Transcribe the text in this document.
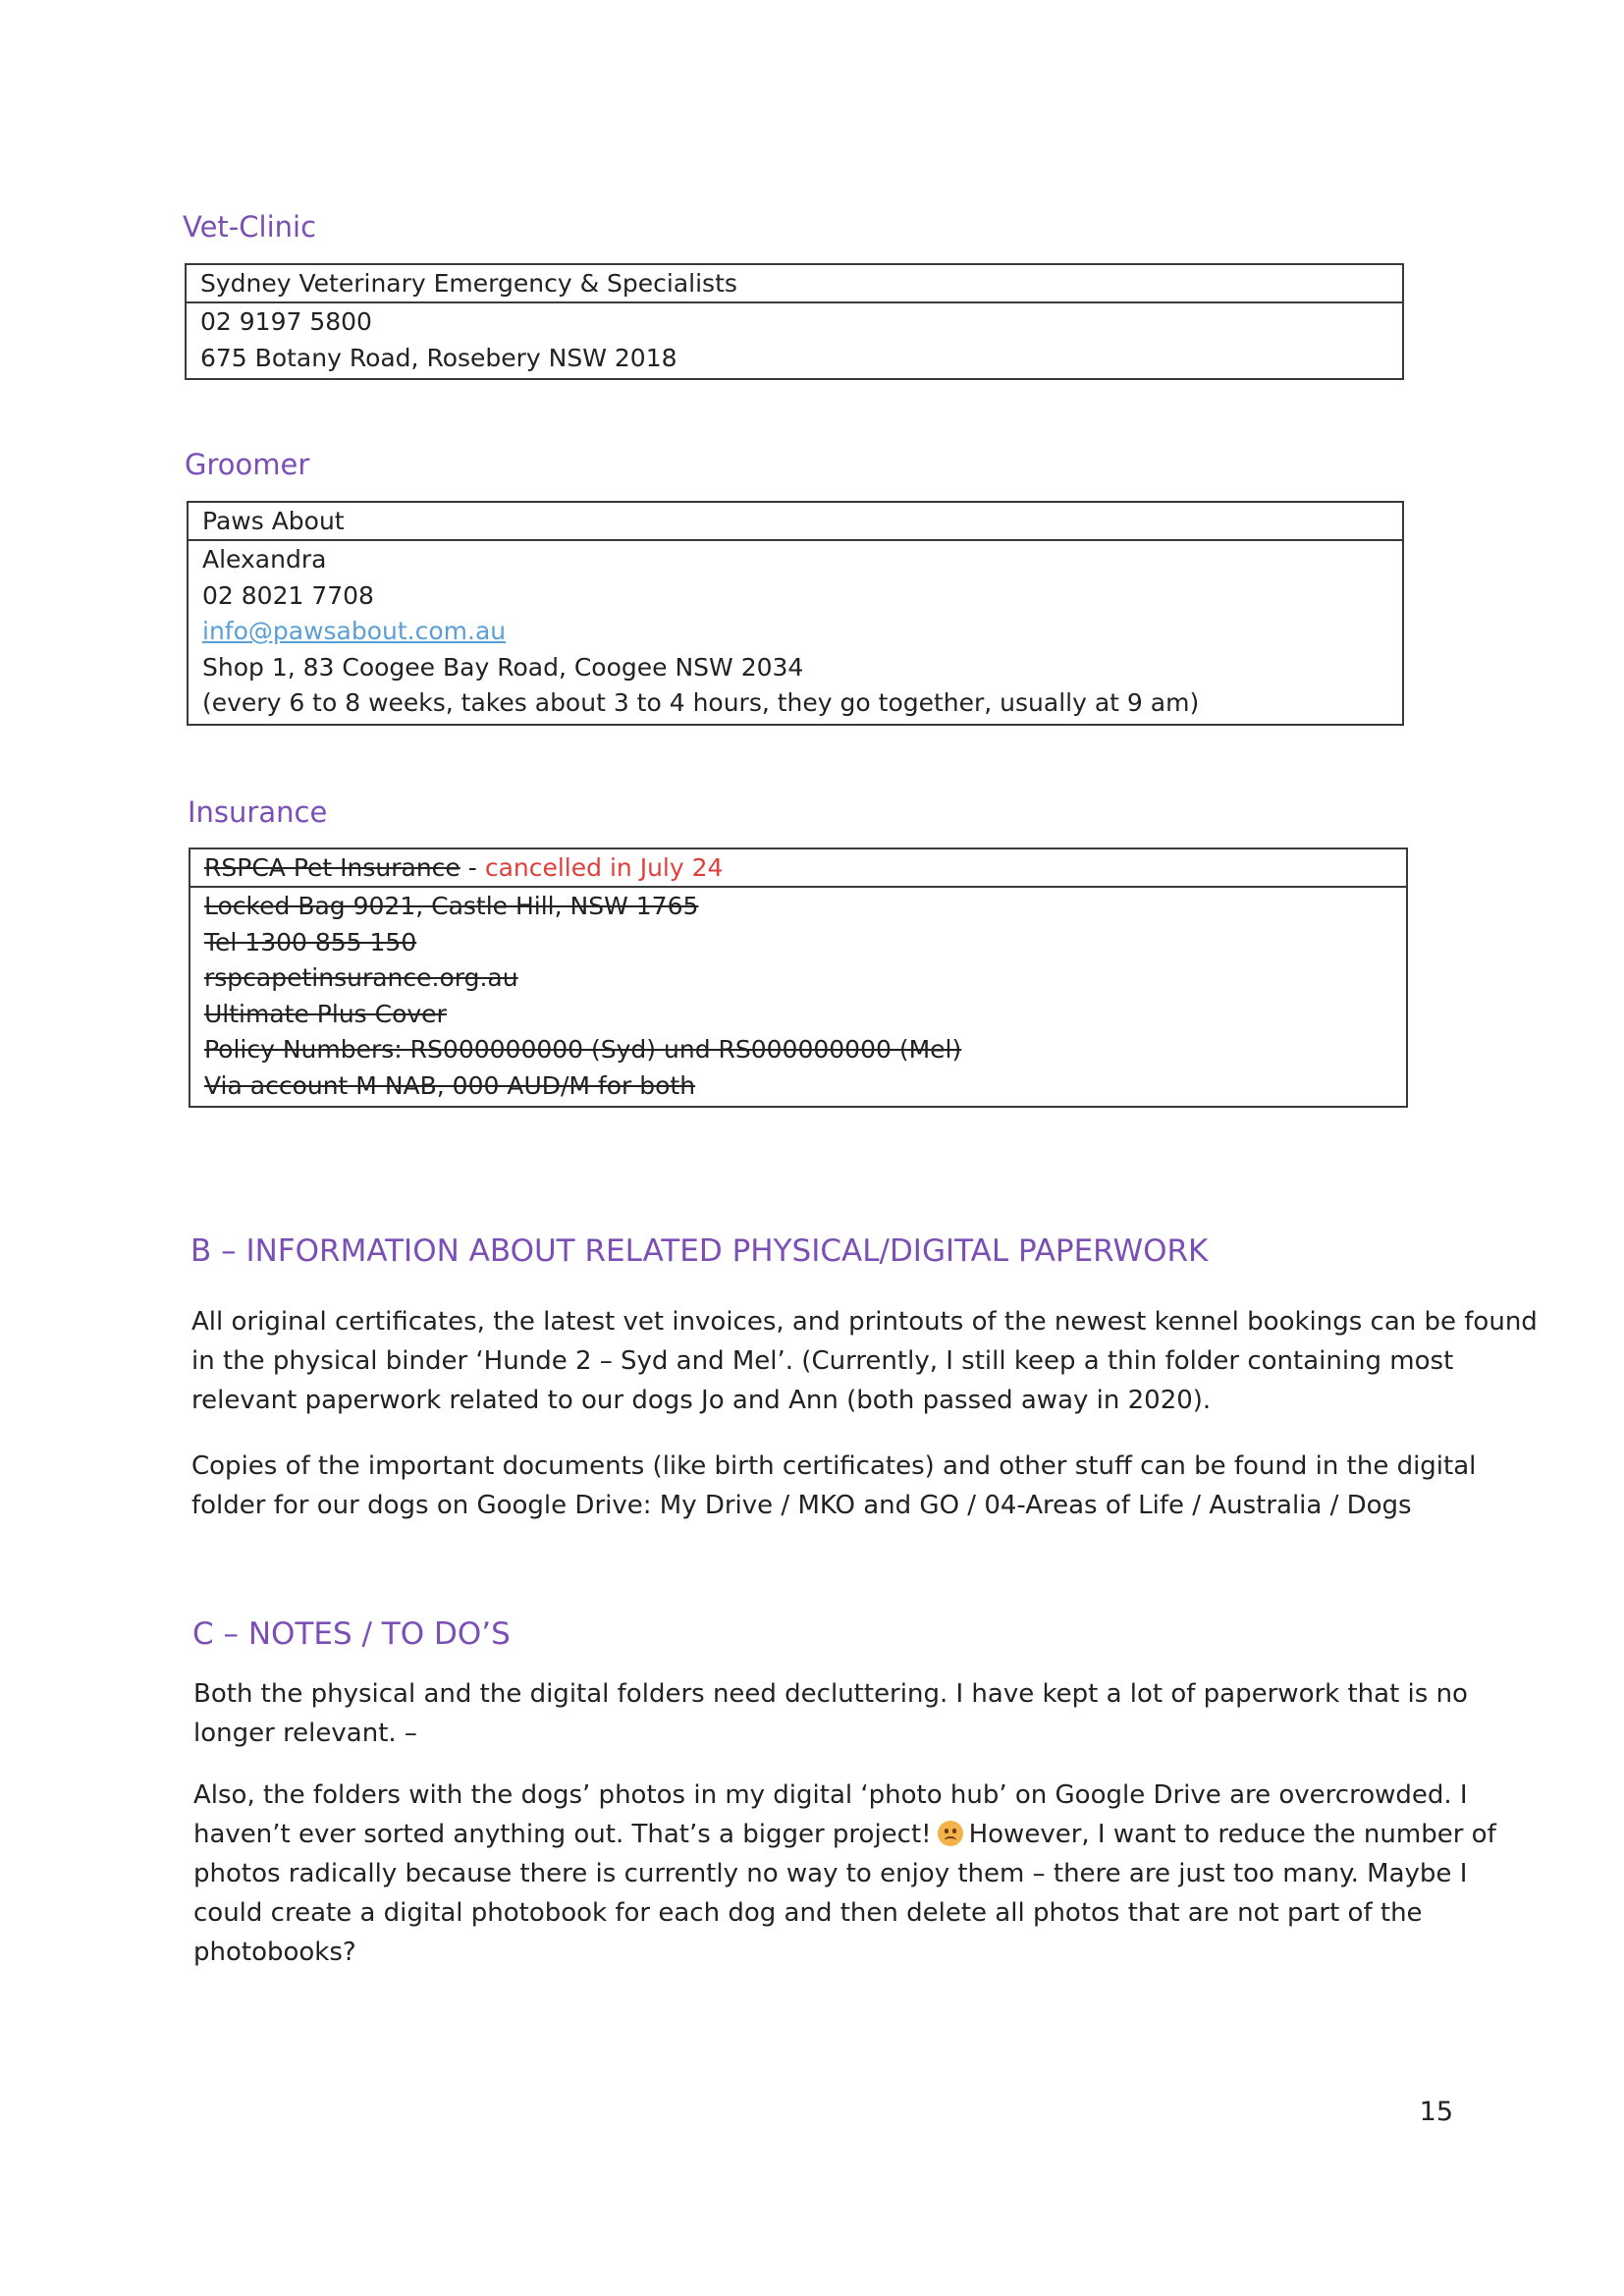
Vet-Clinic
Sydney Veterinary Emergency & Specialists
02 9197 5800
675 Botany Road, Rosebery NSW 2018
Groomer
Paws About
Alexandra
02 8021 7708
info@pawsabout.com.au
Shop 1, 83 Coogee Bay Road, Coogee NSW 2034
(every 6 to 8 weeks, takes about 3 to 4 hours, they go together, usually at 9 am)
Insurance
RSPCA Pet Insurance - cancelled in July 24
Locked Bag 9021, Castle Hill, NSW 1765
Tel 1300 855 150
rspcapetinsurance.org.au
Ultimate Plus Cover
Policy Numbers: RS000000000 (Syd) und RS000000000 (Mel)
Via account M NAB, 000 AUD/M for both
B – INFORMATION ABOUT RELATED PHYSICAL/DIGITAL PAPERWORK
All original certificates, the latest vet invoices, and printouts of the newest kennel bookings can be found
in the physical binder ‘Hunde 2 – Syd and Mel’. (Currently, I still keep a thin folder containing most
relevant paperwork related to our dogs Jo and Ann (both passed away in 2020).
Copies of the important documents (like birth certificates) and other stuff can be found in the digital
folder for our dogs on Google Drive: My Drive / MKO and GO / 04-Areas of Life / Australia / Dogs
C – NOTES / TO DO’S
Both the physical and the digital folders need decluttering. I have kept a lot of paperwork that is no
longer relevant. –
Also, the folders with the dogs’ photos in my digital ‘photo hub’ on Google Drive are overcrowded. I
haven’t ever sorted anything out. That’s a bigger project! However, I want to reduce the number of
photos radically because there is currently no way to enjoy them – there are just too many. Maybe I
could create a digital photobook for each dog and then delete all photos that are not part of the
photobooks?
15
